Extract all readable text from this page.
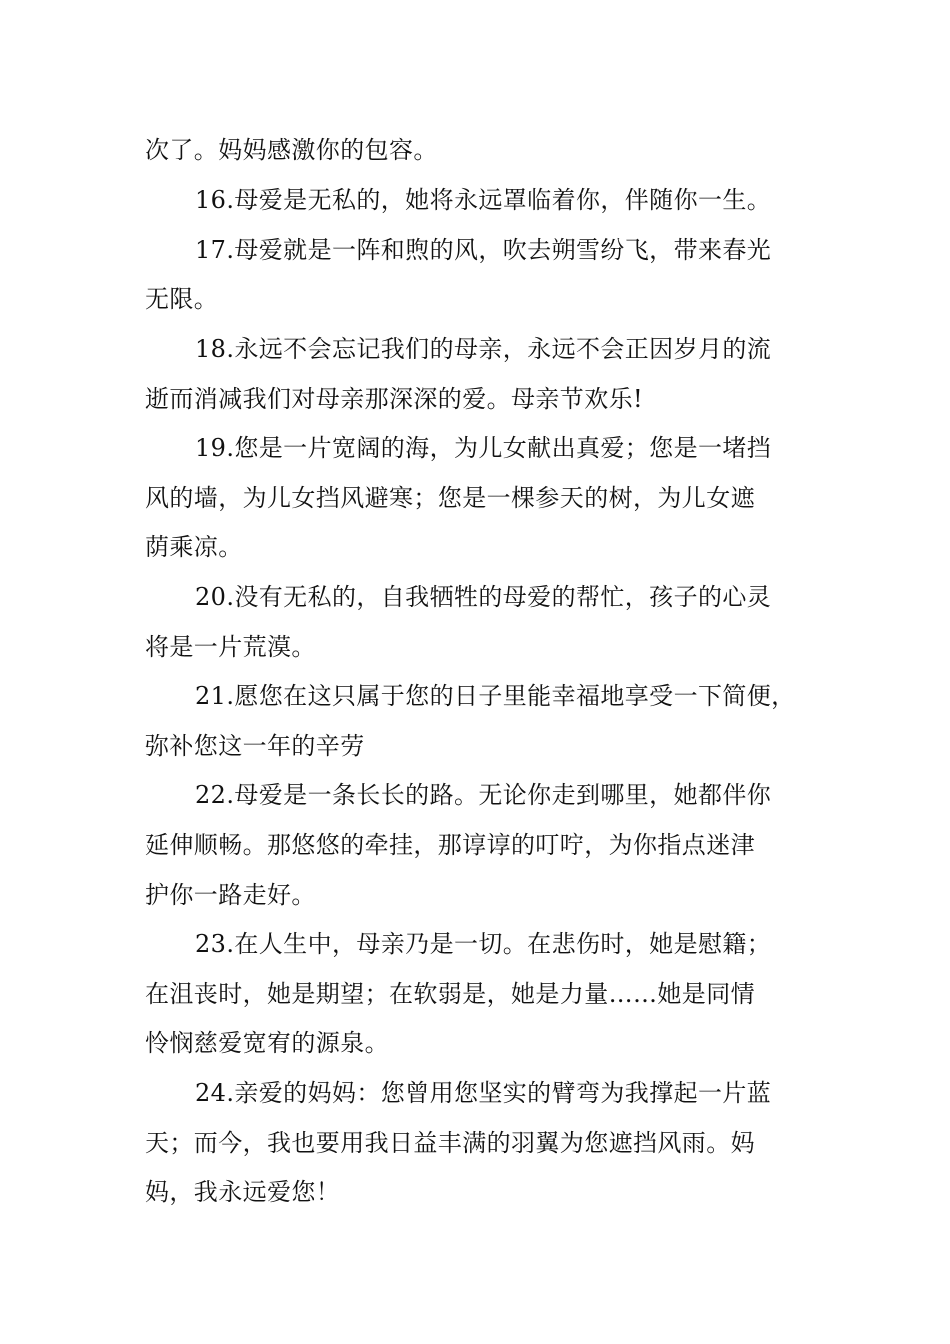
次了。妈妈感激你的包容。
16.母爱是无私的，她将永远罩临着你，伴随你一生。
17.母爱就是一阵和煦的风，吹去朔雪纷飞，带来春光
无限。
18.永远不会忘记我们的母亲，永远不会正因岁月的流
逝而消减我们对母亲那深深的爱。母亲节欢乐!
19.您是一片宽阔的海，为儿女献出真爱；您是一堵挡
风的墙，为儿女挡风避寒；您是一棵参天的树，为儿女遮
荫乘凉。
20.没有无私的，自我牺牲的母爱的帮忙，孩子的心灵
将是一片荒漠。
21.愿您在这只属于您的日子里能幸福地享受一下简便，
弥补您这一年的辛劳
22.母爱是一条长长的路。无论你走到哪里，她都伴你
延伸顺畅。那悠悠的牵挂，那谆谆的叮咛，为你指点迷津
护你一路走好。
23.在人生中，母亲乃是一切。在悲伤时，她是慰籍；
在沮丧时，她是期望；在软弱是，她是力量……她是同情
怜悯慈爱宽宥的源泉。
24.亲爱的妈妈：您曾用您坚实的臂弯为我撑起一片蓝
天；而今，我也要用我日益丰满的羽翼为您遮挡风雨。妈
妈，我永远爱您！
